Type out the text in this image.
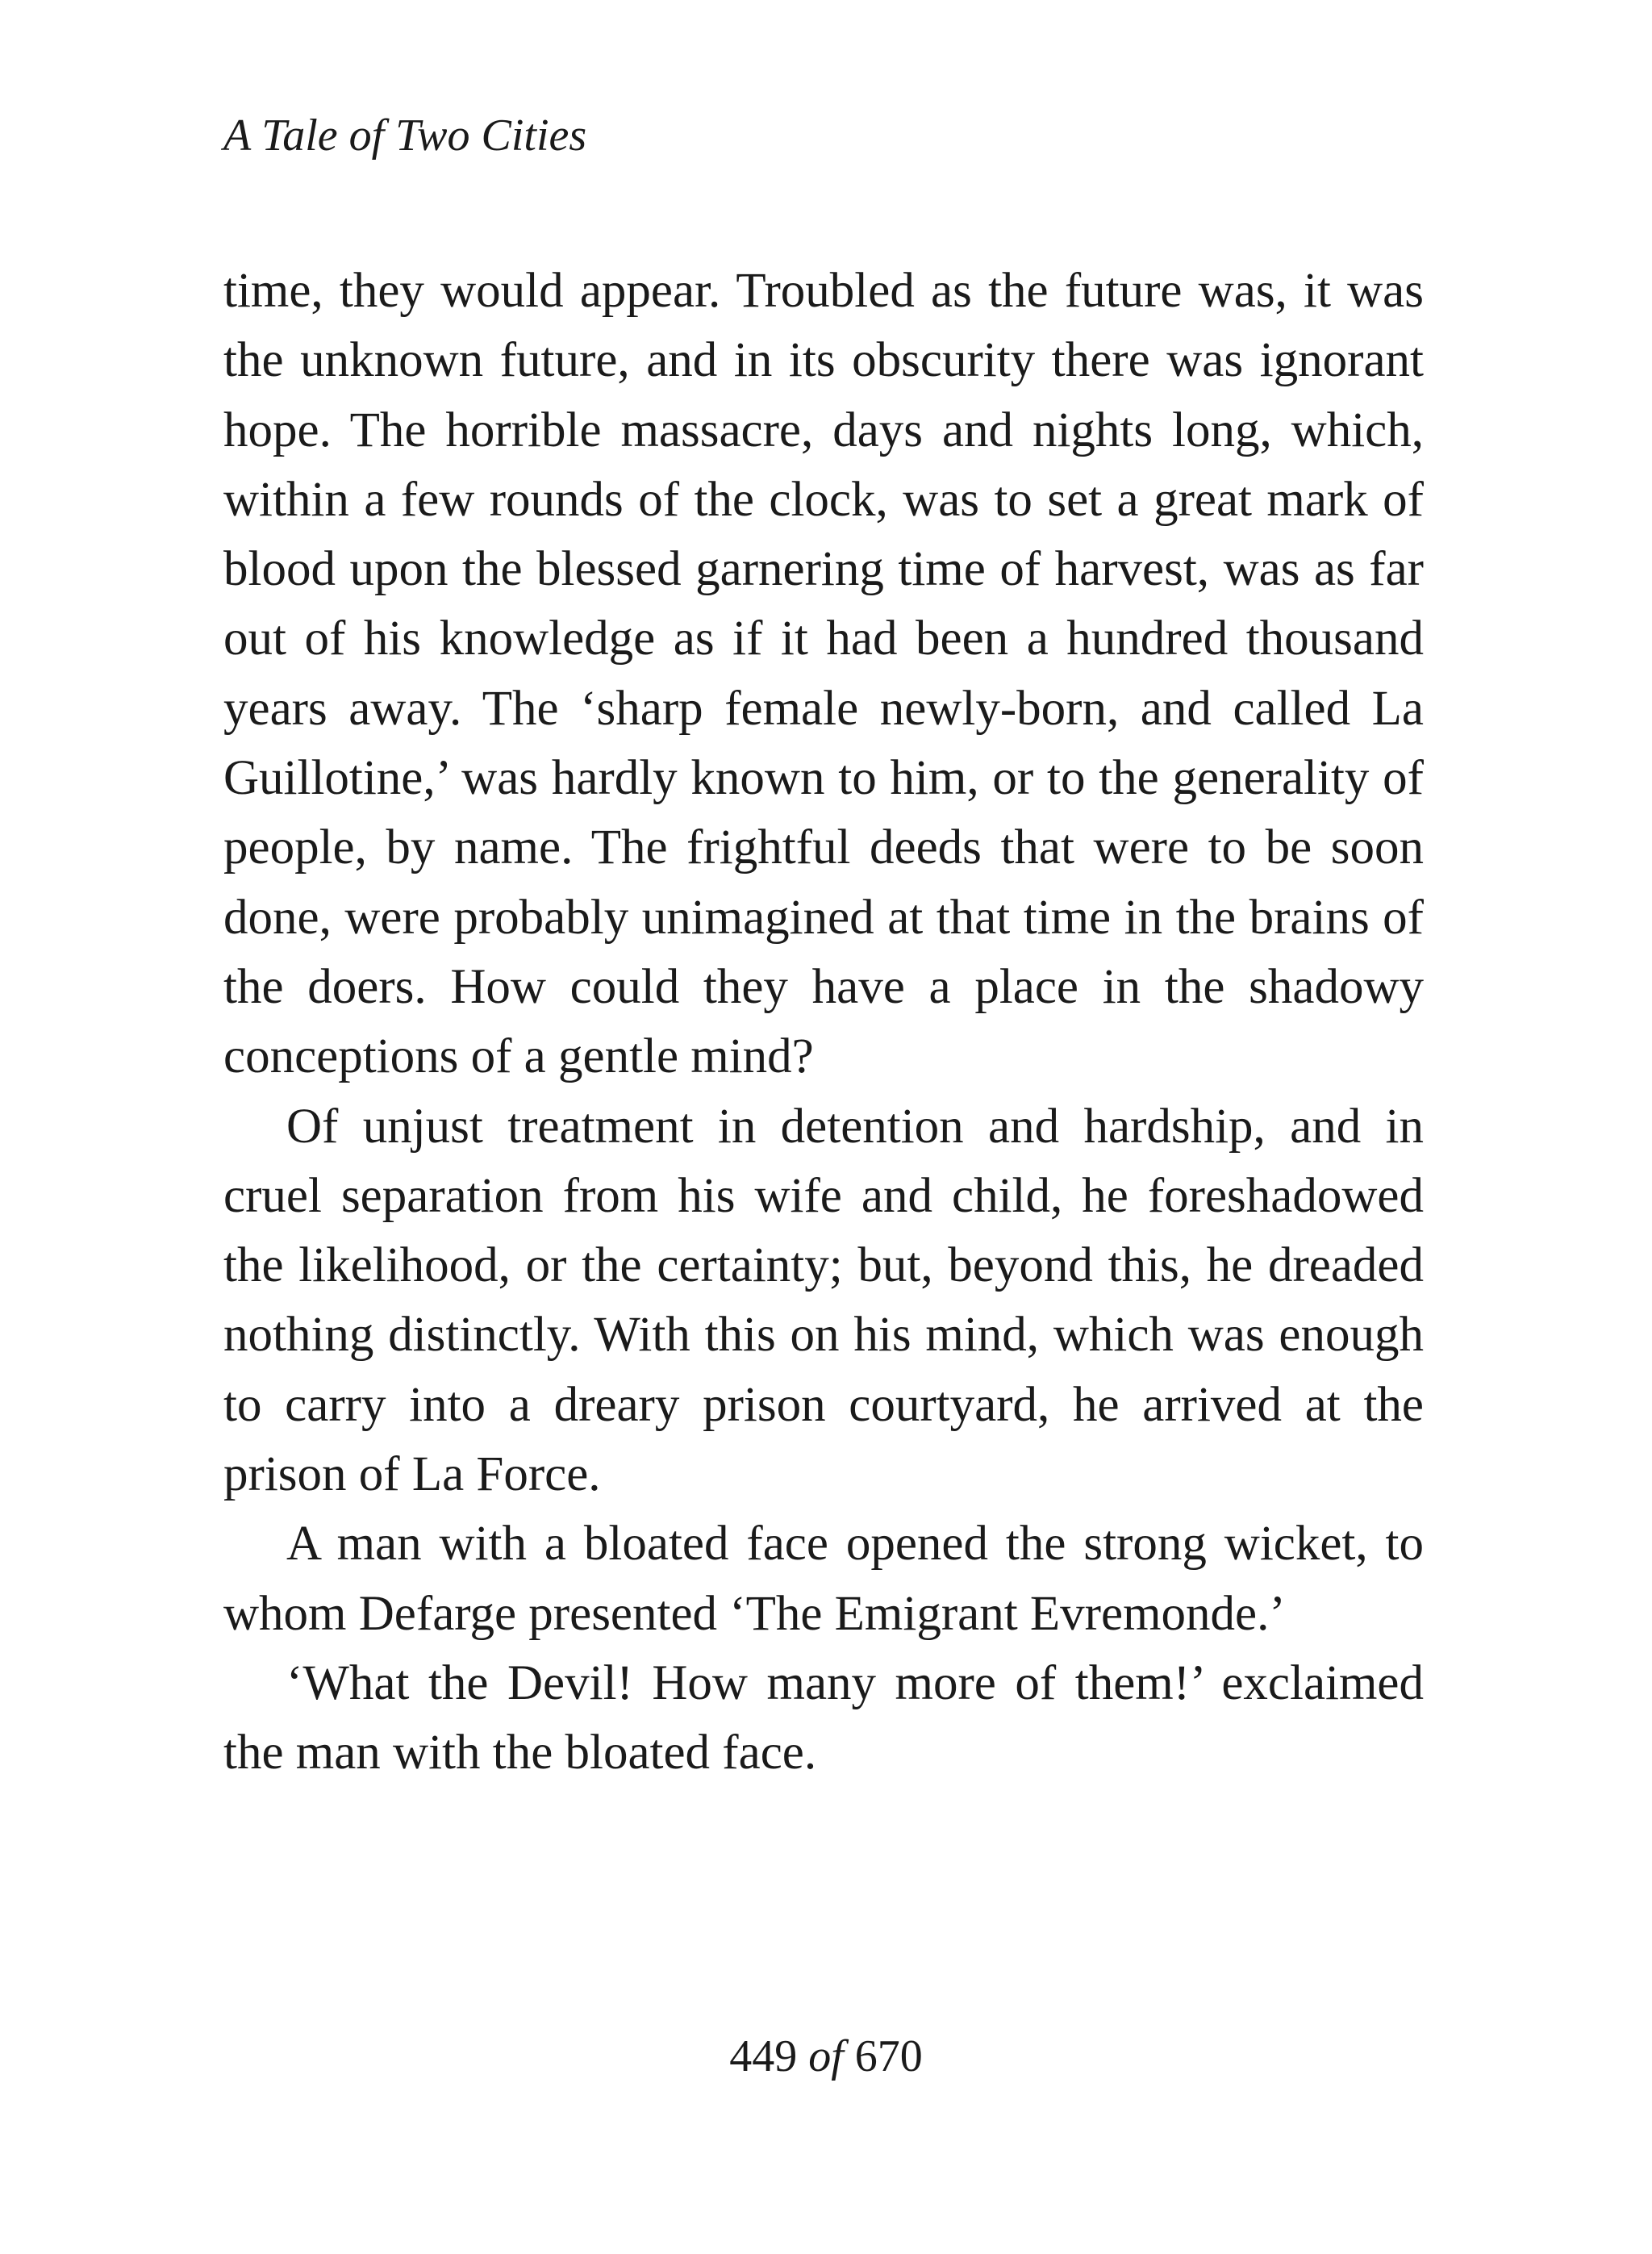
A Tale of Two Cities

time, they would appear. Troubled as the future was, it was the unknown future, and in its obscurity there was ignorant hope. The horrible massacre, days and nights long, which, within a few rounds of the clock, was to set a great mark of blood upon the blessed garnering time of harvest, was as far out of his knowledge as if it had been a hundred thousand years away. The ‘sharp female newly-born, and called La Guillotine,’ was hardly known to him, or to the generality of people, by name. The frightful deeds that were to be soon done, were probably unimagined at that time in the brains of the doers. How could they have a place in the shadowy conceptions of a gentle mind?

Of unjust treatment in detention and hardship, and in cruel separation from his wife and child, he foreshadowed the likelihood, or the certainty; but, beyond this, he dreaded nothing distinctly. With this on his mind, which was enough to carry into a dreary prison courtyard, he arrived at the prison of La Force.

A man with a bloated face opened the strong wicket, to whom Defarge presented ‘The Emigrant Evremonde.’

‘What the Devil! How many more of them!’ exclaimed the man with the bloated face.

449 of 670
